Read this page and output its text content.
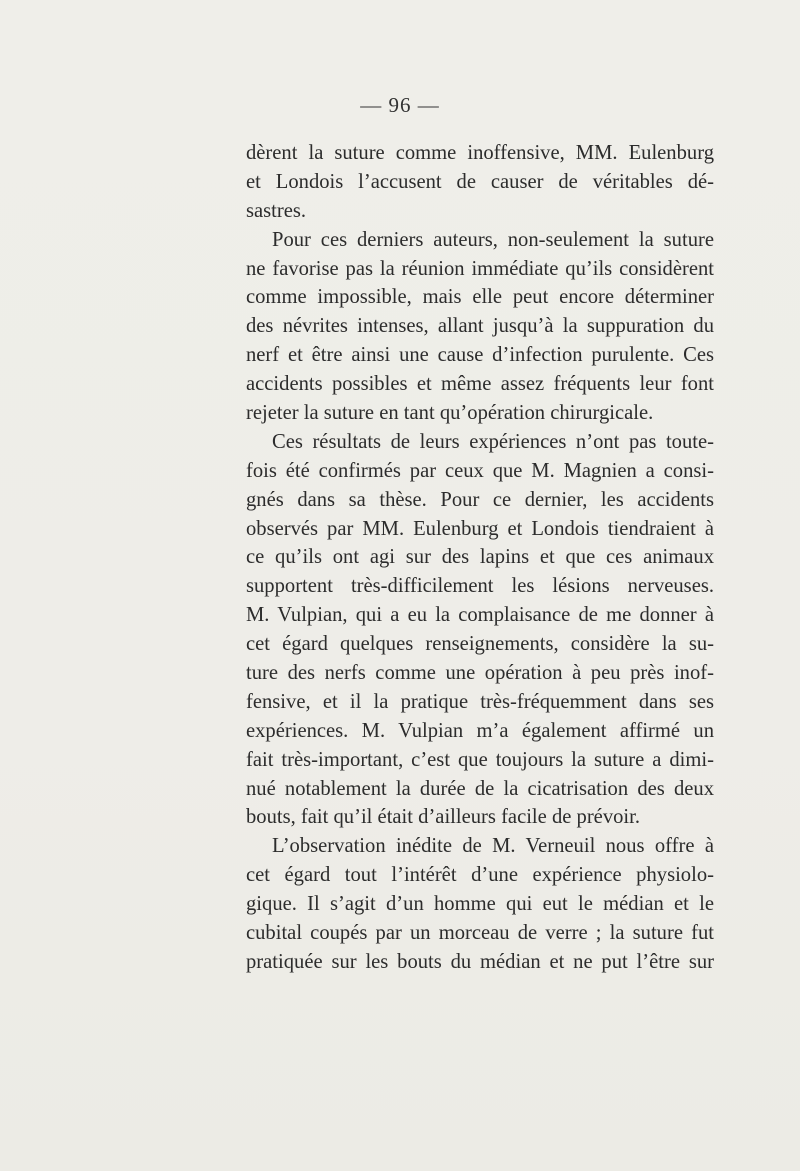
— 96 —
dèrent la suture comme inoffensive, MM. Eulenburg
et Londois l’accusent de causer de véritables dé-
sastres.
Pour ces derniers auteurs, non-seulement la suture
ne favorise pas la réunion immédiate qu’ils considèrent
comme impossible, mais elle peut encore déterminer
des névrites intenses, allant jusqu’à la suppuration du
nerf et être ainsi une cause d’infection purulente. Ces
accidents possibles et même assez fréquents leur font
rejeter la suture en tant qu’opération chirurgicale.
Ces résultats de leurs expériences n’ont pas toute-
fois été confirmés par ceux que M. Magnien a consi-
gnés dans sa thèse. Pour ce dernier, les accidents
observés par MM. Eulenburg et Londois tiendraient à
ce qu’ils ont agi sur des lapins et que ces animaux
supportent très-difficilement les lésions nerveuses.
M. Vulpian, qui a eu la complaisance de me donner à
cet égard quelques renseignements, considère la su-
ture des nerfs comme une opération à peu près inof-
fensive, et il la pratique très-fréquemment dans ses
expériences. M. Vulpian m’a également affirmé un
fait très-important, c’est que toujours la suture a dimi-
nué notablement la durée de la cicatrisation des deux
bouts, fait qu’il était d’ailleurs facile de prévoir.
L’observation inédite de M. Verneuil nous offre à
cet égard tout l’intérêt d’une expérience physiolo-
gique. Il s’agit d’un homme qui eut le médian et le
cubital coupés par un morceau de verre ; la suture fut
pratiquée sur les bouts du médian et ne put l’être sur
